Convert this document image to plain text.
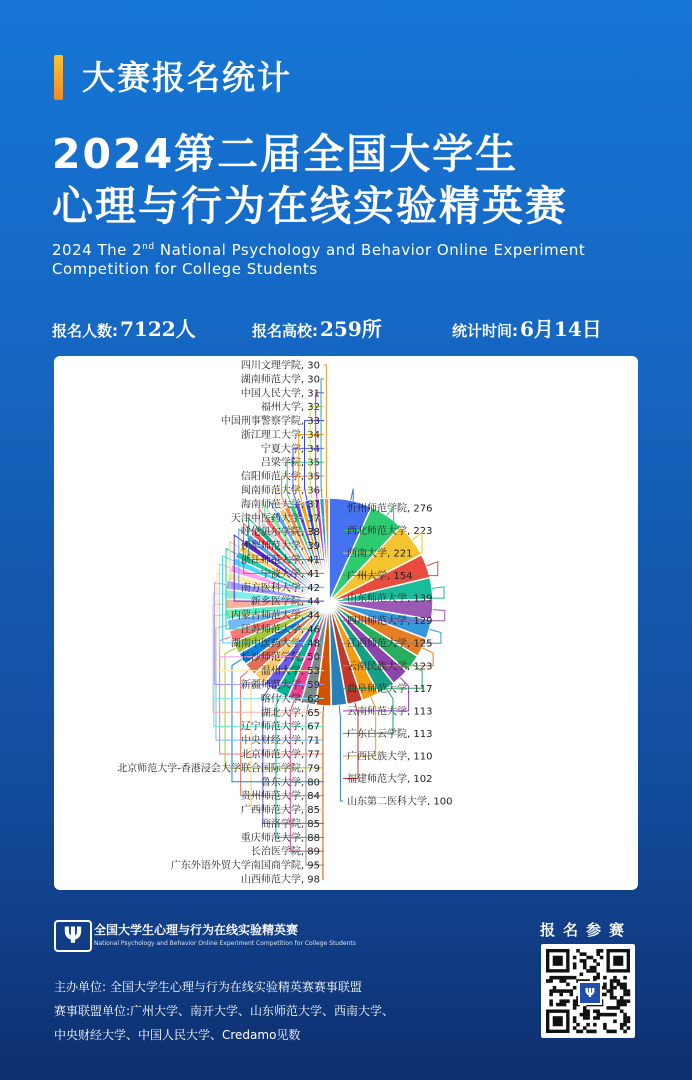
大赛报名统计
2024第二届全国大学生
心理与行为在线实验精英赛
2024 The 2nd National Psychology and Behavior Online Experiment Competition for College Students
报名人数: 7122人	报名高校: 259所	统计时间: 6月14日
忻州师范学院, 276
西北师范大学, 223
西南大学, 221
广州大学, 154
山东师范大学, 139
四川师范大学, 129
江西师范大学, 125
云南民族大学, 123
曲阜师范大学, 117
云南师范大学, 113
广东白云学院, 113
广西民族大学, 110
福建师范大学, 102
山东第二医科大学, 100
山西师范大学, 98
广东外语外贸大学南国商学院, 95
长治医学院, 89
重庆师范大学, 88
商洛学院, 85
广西师范大学, 85
贵州师范大学, 84
鲁东大学, 80
北京师范大学-香港浸会大学联合国际学院, 79
北京师范大学, 77
中央财经大学, 71
辽宁师范大学, 67
湖北大学, 65
喀什大学, 62
新疆师范大学, 59
温州大学, 53
长沙师范学院, 50
湖南中医药大学, 48
江苏师范大学, 46
内蒙古师范大学, 44
新乡医学院, 44
南方医科大学, 42
宁波大学, 41
浙江师范大学, 41
伊犁师范大学, 39
呼伦贝尔学院, 38
天津中医药大学, 37
海南师范大学, 37
闽南师范大学, 36
信阳师范大学, 35
吕梁学院, 35
宁夏大学, 34
浙江理工大学, 34
中国刑事警察学院, 33
福州大学, 32
中国人民大学, 31
湖南师范大学, 30
四川文理学院, 30
Ψ 全国大学生心理与行为在线实验精英赛
National Psychology and Behavior Online Experiment Competition for College Students
主办单位: 全国大学生心理与行为在线实验精英赛赛事联盟
赛事联盟单位:广州大学、南开大学、山东师范大学、西南大学、
中央财经大学、中国人民大学、Credamo见数
报名参赛
Ψ
